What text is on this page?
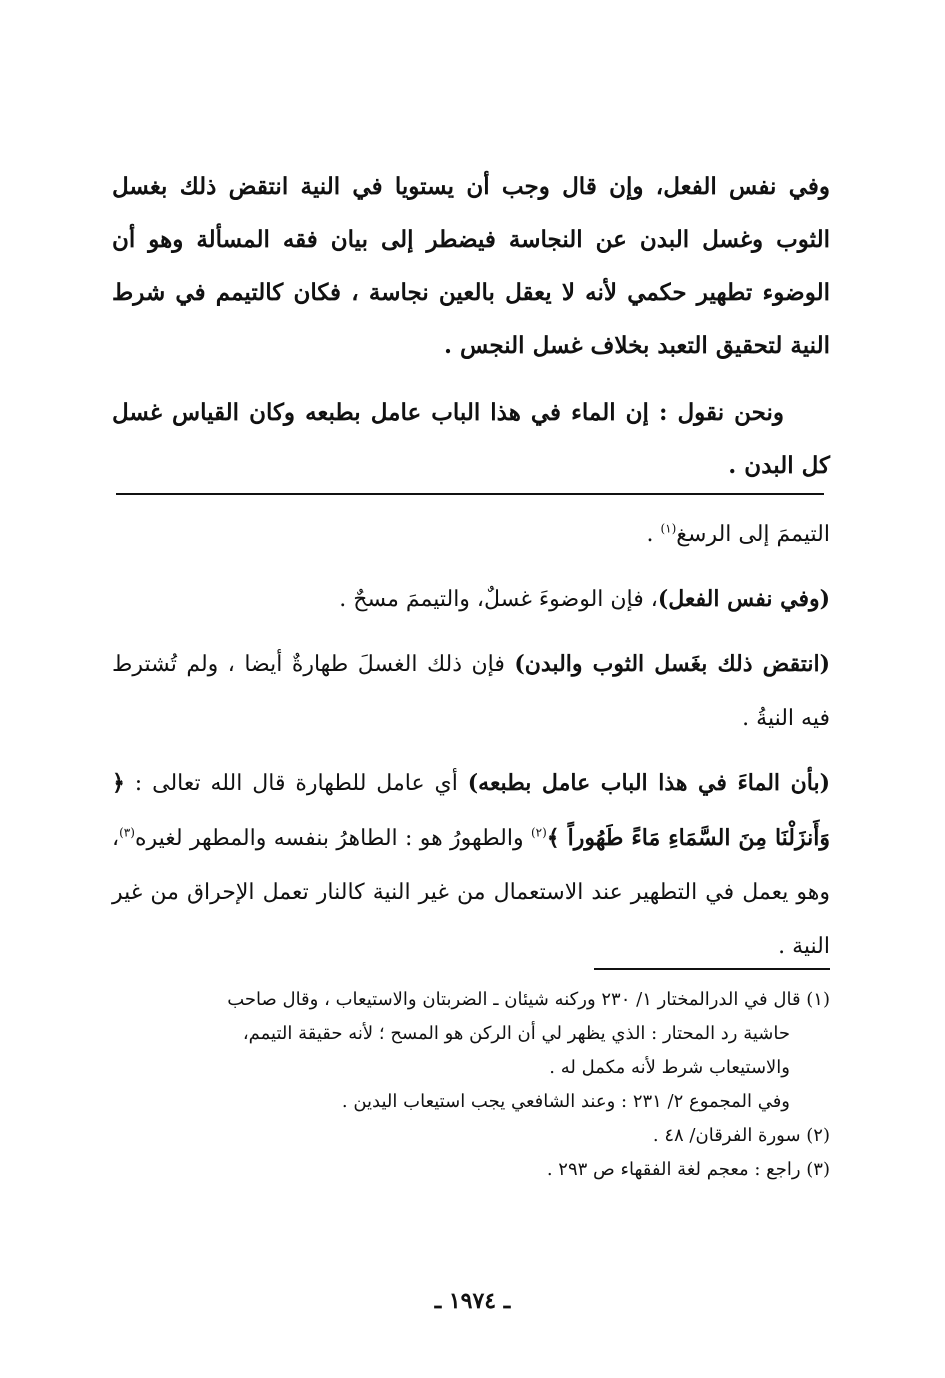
وفي نفس الفعل، وإن قال وجب أن يستويا في النية انتقض ذلك بغسل الثوب وغسل البدن عن النجاسة فيضطر إلى بيان فقه المسألة وهو أن الوضوء تطهير حكمي لأنه لا يعقل بالعين نجاسة ، فكان كالتيمم في شرط النية لتحقيق التعبد بخلاف غسل النجس .

ونحن نقول : إن الماء في هذا الباب عامل بطبعه وكان القياس غسل كل البدن .

التيممَ إلى الرسغ$^{(١)}$ .

(وفي نفس الفعل)، فإن الوضوءَ غسلٌ، والتيممَ مسحٌ .

(انتقض ذلك بغَسل الثوب والبدن) فإن ذلك الغسلَ طهارةٌ أيضا ، ولم تُشترط فيه النيةُ .

(بأن الماءَ في هذا الباب عامل بطبعه) أي عامل للطهارة قال الله تعالى : ﴿ وَأَنزَلْنَا مِنَ السَّمَاءِ مَاءً طَهُوراً ﴾$^{(٢)}$ والطهورُ هو : الطاهرُ بنفسه والمطهر لغيره$^{(٣)}$، وهو يعمل في التطهير عند الاستعمال من غير النية كالنار تعمل الإحراق من غير النية .

(١) قال في الدرالمختار ١/ ٢٣٠ وركنه شيئان ـ الضربتان والاستيعاب ، وقال صاحب

حاشية رد المحتار : الذي يظهر لي أن الركن هو المسح ؛ لأنه حقيقة التيمم،

والاستيعاب شرط لأنه مكمل له .

وفي المجموع ٢/ ٢٣١ : وعند الشافعي يجب استيعاب اليدين .

(٢) سورة الفرقان/ ٤٨ .

(٣) راجع : معجم لغة الفقهاء ص ٢٩٣ .

ـ ١٩٧٤ ـ
